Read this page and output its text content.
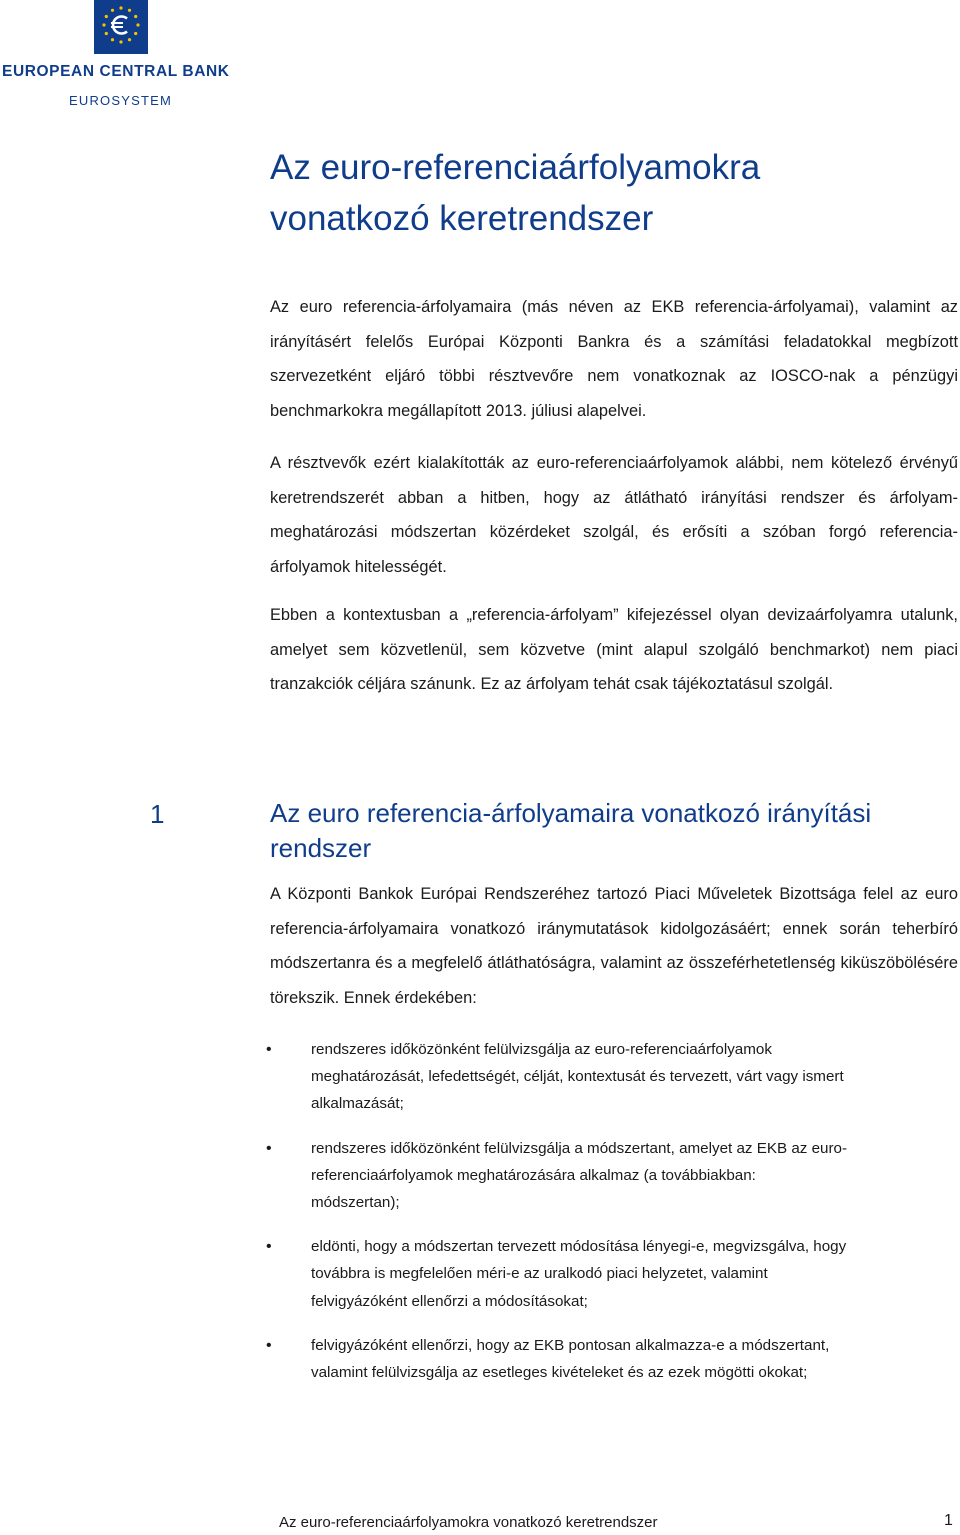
EUROPEAN CENTRAL BANK
EUROSYSTEM
Az euro-referenciaárfolyamokra
vonatkozó keretrendszer

Az euro referencia-árfolyamaira (más néven az EKB referencia-árfolyamai), valamint az irányításért felelős Európai Központi Bankra és a számítási feladatokkal megbízott szervezetként eljáró többi résztvevőre nem vonatkoznak az IOSCO-nak a pénzügyi benchmarkokra megállapított 2013. júliusi alapelvei.

A résztvevők ezért kialakították az euro-referenciaárfolyamok alábbi, nem kötelező érvényű keretrendszerét abban a hitben, hogy az átlátható irányítási rendszer és árfolyam-meghatározási módszertan közérdeket szolgál, és erősíti a szóban forgó referencia-árfolyamok hitelességét.

Ebben a kontextusban a „referencia-árfolyam” kifejezéssel olyan devizaárfolyamra utalunk, amelyet sem közvetlenül, sem közvetve (mint alapul szolgáló benchmarkot) nem piaci tranzakciók céljára szánunk. Ez az árfolyam tehát csak tájékoztatásul szolgál.

1	Az euro referencia-árfolyamaira vonatkozó irányítási
rendszer

A Központi Bankok Európai Rendszeréhez tartozó Piaci Műveletek Bizottsága felel az euro referencia-árfolyamaira vonatkozó iránymutatások kidolgozásáért; ennek során teherbíró módszertanra és a megfelelő átláthatóságra, valamint az összeférhetetlenség kiküszöbölésére törekszik. Ennek érdekében:

•	rendszeres időközönként felülvizsgálja az euro-referenciaárfolyamok
meghatározását, lefedettségét, célját, kontextusát és tervezett, várt vagy ismert
alkalmazását;
•	rendszeres időközönként felülvizsgálja a módszertant, amelyet az EKB az euro-
referenciaárfolyamok meghatározására alkalmaz (a továbbiakban:
módszertan);
•	eldönti, hogy a módszertan tervezett módosítása lényegi-e, megvizsgálva, hogy
továbbra is megfelelően méri-e az uralkodó piaci helyzetet, valamint
felvigyázóként ellenőrzi a módosításokat;
•	felvigyázóként ellenőrzi, hogy az EKB pontosan alkalmazza-e a módszertant,
valamint felülvizsgálja az esetleges kivételeket és az ezek mögötti okokat;
Az euro-referenciaárfolyamokra vonatkozó keretrendszer	1
